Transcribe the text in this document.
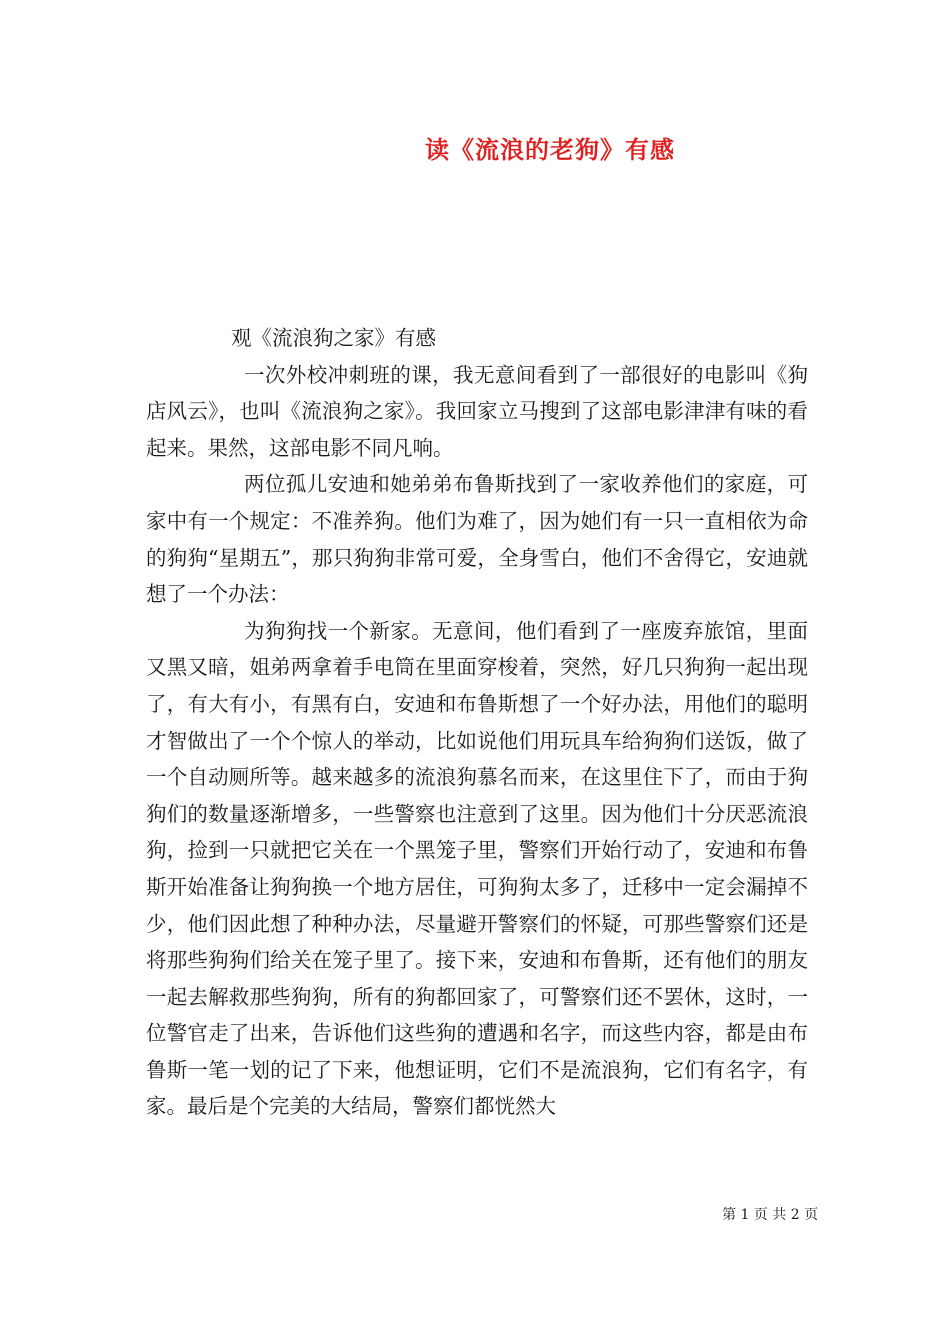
读《流浪的老狗》有感

观《流浪狗之家》有感

一次外校冲刺班的课，我无意间看到了一部很好的电影叫《狗店风云》，也叫《流浪狗之家》。我回家立马搜到了这部电影津津有味的看起来。果然，这部电影不同凡响。

两位孤儿安迪和她弟弟布鲁斯找到了一家收养他们的家庭，可家中有一个规定：不准养狗。他们为难了，因为她们有一只一直相依为命的狗狗“星期五”，那只狗狗非常可爱，全身雪白，他们不舍得它，安迪就想了一个办法：

为狗狗找一个新家。无意间，他们看到了一座废弃旅馆，里面又黑又暗，姐弟两拿着手电筒在里面穿梭着，突然，好几只狗狗一起出现了，有大有小，有黑有白，安迪和布鲁斯想了一个好办法，用他们的聪明才智做出了一个个惊人的举动，比如说他们用玩具车给狗狗们送饭，做了一个自动厕所等。越来越多的流浪狗慕名而来，在这里住下了，而由于狗狗们的数量逐渐增多，一些警察也注意到了这里。因为他们十分厌恶流浪狗，捡到一只就把它关在一个黑笼子里，警察们开始行动了，安迪和布鲁斯开始准备让狗狗换一个地方居住，可狗狗太多了，迁移中一定会漏掉不少，他们因此想了种种办法，尽量避开警察们的怀疑，可那些警察们还是将那些狗狗们给关在笼子里了。接下来，安迪和布鲁斯，还有他们的朋友一起去解救那些狗狗，所有的狗都回家了，可警察们还不罢休，这时，一位警官走了出来，告诉他们这些狗的遭遇和名字，而这些内容，都是由布鲁斯一笔一划的记了下来，他想证明，它们不是流浪狗，它们有名字，有家。最后是个完美的大结局，警察们都恍然大

第 1 页 共 2 页
